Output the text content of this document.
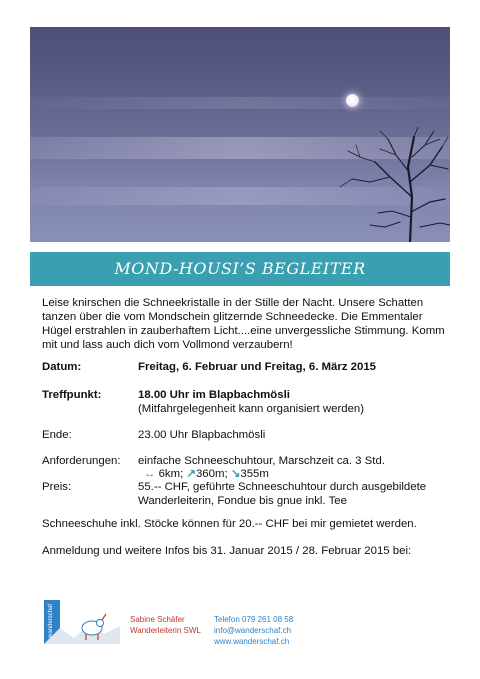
MOND-HOUSI’S BEGLEITER
Leise knirschen die Schneekristalle in der Stille der Nacht. Unsere Schatten tanzen über die vom Mondschein glitzernde Schneedecke. Die Emmentaler Hügel erstrahlen in zauberhaftem Licht....eine unvergessliche Stimmung. Komm mit und lass auch dich vom Vollmond verzaubern!
Datum:	Freitag, 6. Februar und Freitag, 6. März 2015
Treffpunkt:	18.00 Uhr im Blapbachmösli
(Mitfahrgelegenheit kann organisiert werden)
Ende:	23.00 Uhr Blapbachmösli
Anforderungen:	einfache Schneeschuhtour, Marschzeit ca. 3 Std.
↔ 6km; ↗360m; ↘355m
Preis:	55.-- CHF, geführte Schneeschuhtour durch ausgebildete
Wanderleiterin, Fondue bis gnue inkl. Tee
Schneeschuhe inkl. Stöcke können für 20.-- CHF bei mir gemietet werden.
Anmeldung und weitere Infos bis 31. Januar 2015 / 28. Februar 2015 bei:
wanderschaf	Sabine Schäfer
Wanderleiterin SWL
Telefon 079 261 08 58
info@wanderschaf.ch
www.wanderschaf.ch
